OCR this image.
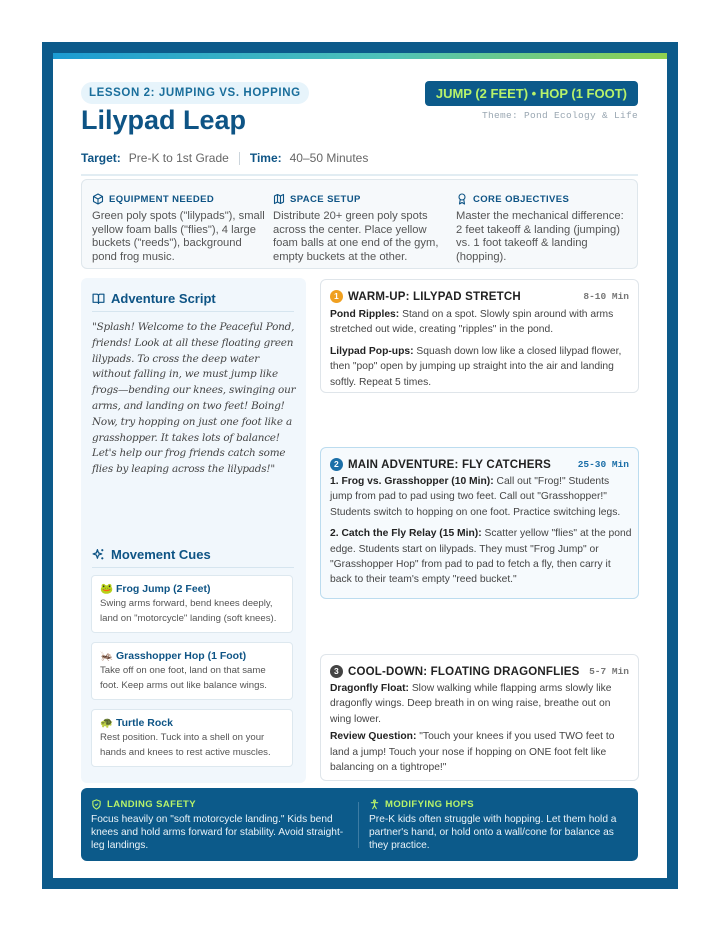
LESSON 2: JUMPING VS. HOPPING	JUMP (2 FEET) • HOP (1 FOOT)
Theme: Pond Ecology & Life
Lilypad Leap
Target: Pre-K to 1st Grade Time: 40–50 Minutes
EQUIPMENT NEEDED
Green poly spots ("lilypads"), small yellow foam balls ("flies"), 4 large buckets ("reeds"), background pond frog music.
SPACE SETUP
Distribute 20+ green poly spots across the center. Place yellow foam balls at one end of the gym, empty buckets at the other.
CORE OBJECTIVES
Master the mechanical difference: 2 feet takeoff & landing (jumping) vs. 1 foot takeoff & landing (hopping).
Adventure Script
"Splash! Welcome to the Peaceful Pond, friends! Look at all these floating green lilypads. To cross the deep water without falling in, we must jump like frogs—bending our knees, swinging our arms, and landing on two feet! Boing! Now, try hopping on just one foot like a grasshopper. It takes lots of balance! Let's help our frog friends catch some flies by leaping across the lilypads!"
Movement Cues
🐸 Frog Jump (2 Feet)
Swing arms forward, bend knees deeply, land on "motorcycle" landing (soft knees).
🦗 Grasshopper Hop (1 Foot)
Take off on one foot, land on that same foot. Keep arms out like balance wings.
🐢 Turtle Rock
Rest position. Tuck into a shell on your hands and knees to rest active muscles.
1 WARM-UP: LILYPAD STRETCH	8-10 Min

Pond Ripples: Stand on a spot. Slowly spin around with arms stretched out wide, creating "ripples" in the pond.

Lilypad Pop-ups: Squash down low like a closed lilypad flower, then "pop" open by jumping up straight into the air and landing softly. Repeat 5 times.

2 MAIN ADVENTURE: FLY CATCHERS	25-30 Min

1. Frog vs. Grasshopper (10 Min): Call out "Frog!" Students jump from pad to pad using two feet. Call out "Grasshopper!" Students switch to hopping on one foot. Practice switching legs.

2. Catch the Fly Relay (15 Min): Scatter yellow "flies" at the pond edge. Students start on lilypads. They must "Frog Jump" or "Grasshopper Hop" from pad to pad to fetch a fly, then carry it back to their team's empty "reed bucket."

3 COOL-DOWN: FLOATING DRAGONFLIES 5-7 Min

Dragonfly Float: Slow walking while flapping arms slowly like dragonfly wings. Deep breath in on wing raise, breathe out on wing lower.

Review Question: "Touch your knees if you used TWO feet to land a jump! Touch your nose if hopping on ONE foot felt like balancing on a tightrope!"

LANDING SAFETY
Focus heavily on "soft motorcycle landing." Kids bend knees and hold arms forward for stability. Avoid straight-leg landings.
MODIFYING HOPS
Pre-K kids often struggle with hopping. Let them hold a partner's hand, or hold onto a wall/cone for balance as they practice.
